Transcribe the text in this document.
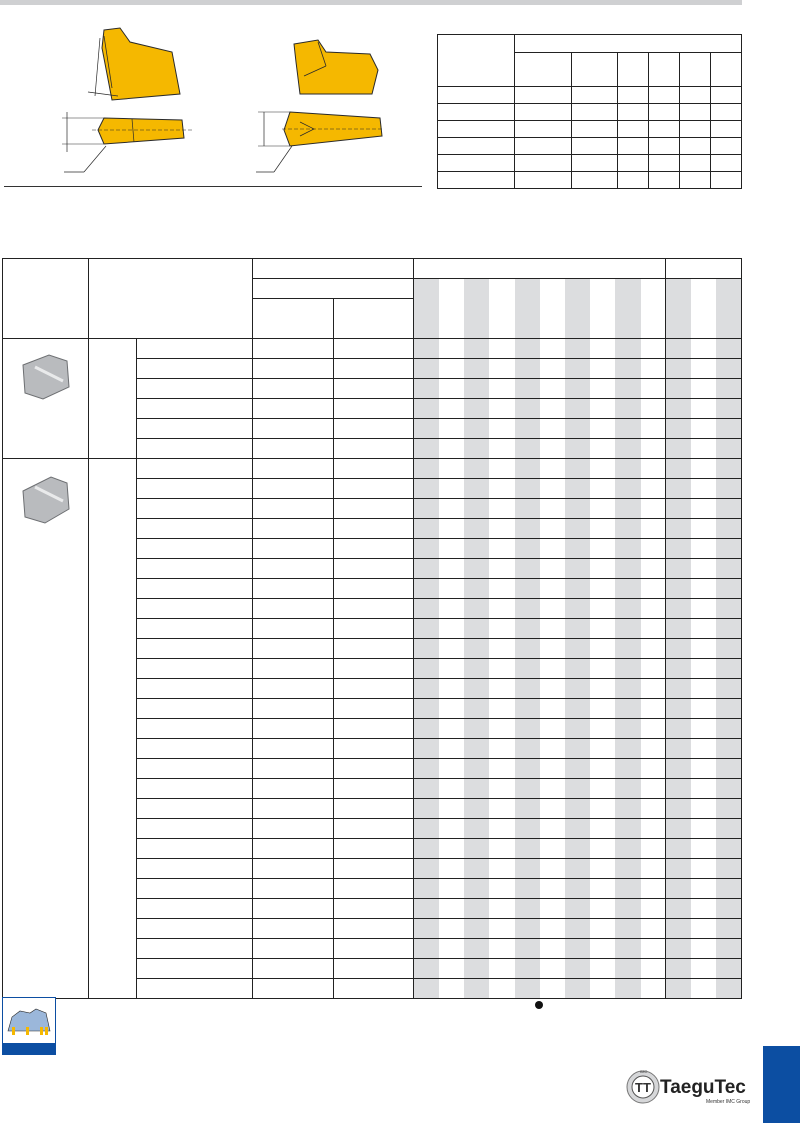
TT TaeguTec
Member IMC Group
IMC
